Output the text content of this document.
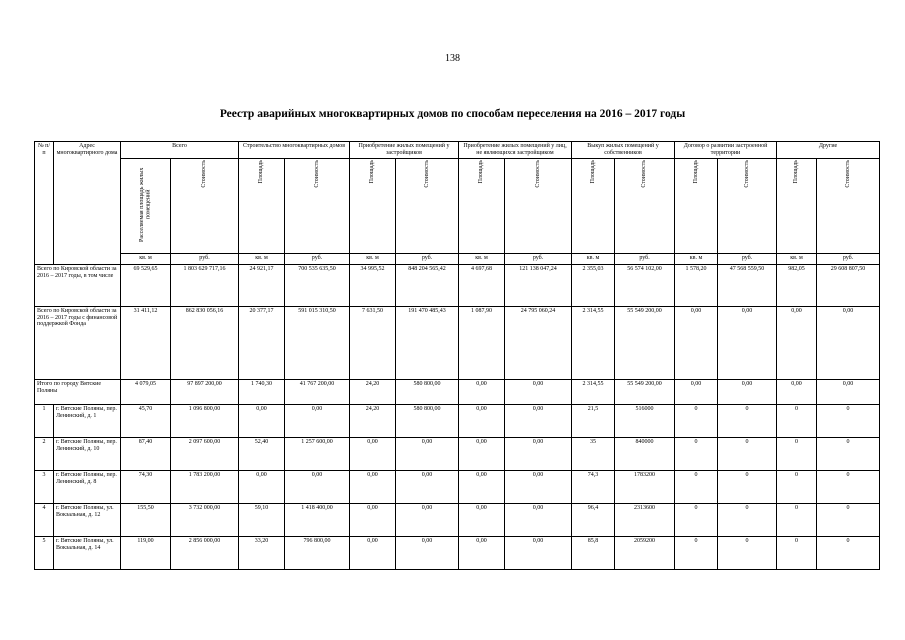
138
Реестр аварийных многоквартирных домов по способам переселения на 2016 – 2017 годы
№ п/п	Адрес многоквартирного дома	Всего		Строительство многоквартирных домов		Приобретение жилых помещений у застройщиков		Приобретение жилых помещений у лиц, не являющихся застройщиком		Выкуп жилых помещений у собственников		Договор о развитии застроенной территории		Другие	
		Расселяемая площадь жилых помещений	Стоимость	Площадь	Стоимость	Площадь	Стоимость	Площадь	Стоимость	Площадь	Стоимость	Площадь	Стоимость	Площадь	Стоимость
		кв. м	руб.	кв. м	руб.	кв. м	руб.	кв. м	руб.	кв. м	руб.	кв. м	руб.	кв. м	руб.
Всего по Кировской области за 2016 – 2017 годы, в том числе		69 529,65	1 803 629 717,16	24 921,17	700 535 635,50	34 995,52	848 204 565,42	4 697,68	121 138 047,24	2 355,03	56 574 102,00	1 578,20	47 568 559,50	982,05	29 608 807,50
Всего по Кировской области за 2016 – 2017 годы с финансовой поддержкой Фонда		31 411,12	862 830 056,16	20 377,17	591 015 310,50	7 631,50	191 470 485,43	1 087,90	24 795 060,24	2 314,55	55 549 200,00	0,00	0,00	0,00	0,00
Итого по городу Вятские Поляны		4 079,05	97 897 200,00	1 740,30	41 767 200,00	24,20	580 800,00	0,00	0,00	2 314,55	55 549 200,00	0,00	0,00	0,00	0,00
1	г. Вятские Поляны, пер. Ленинский, д. 1	45,70	1 096 800,00	0,00	0,00	24,20	580 800,00	0,00	0,00	21,5	516000	0	0	0	0
2	г. Вятские Поляны, пер. Ленинский, д. 10	87,40	2 097 600,00	52,40	1 257 600,00	0,00	0,00	0,00	0,00	35	840000	0	0	0	0
3	г. Вятские Поляны, пер. Ленинский, д. 8	74,30	1 783 200,00	0,00	0,00	0,00	0,00	0,00	0,00	74,3	1783200	0	0	0	0
4	г. Вятские Поляны, ул. Вокзальная, д. 12	155,50	3 732 000,00	59,10	1 418 400,00	0,00	0,00	0,00	0,00	96,4	2313600	0	0	0	0
5	г. Вятские Поляны, ул. Вокзальная, д. 14	119,00	2 856 000,00	33,20	796 800,00	0,00	0,00	0,00	0,00	85,8	2059200	0	0	0	0
